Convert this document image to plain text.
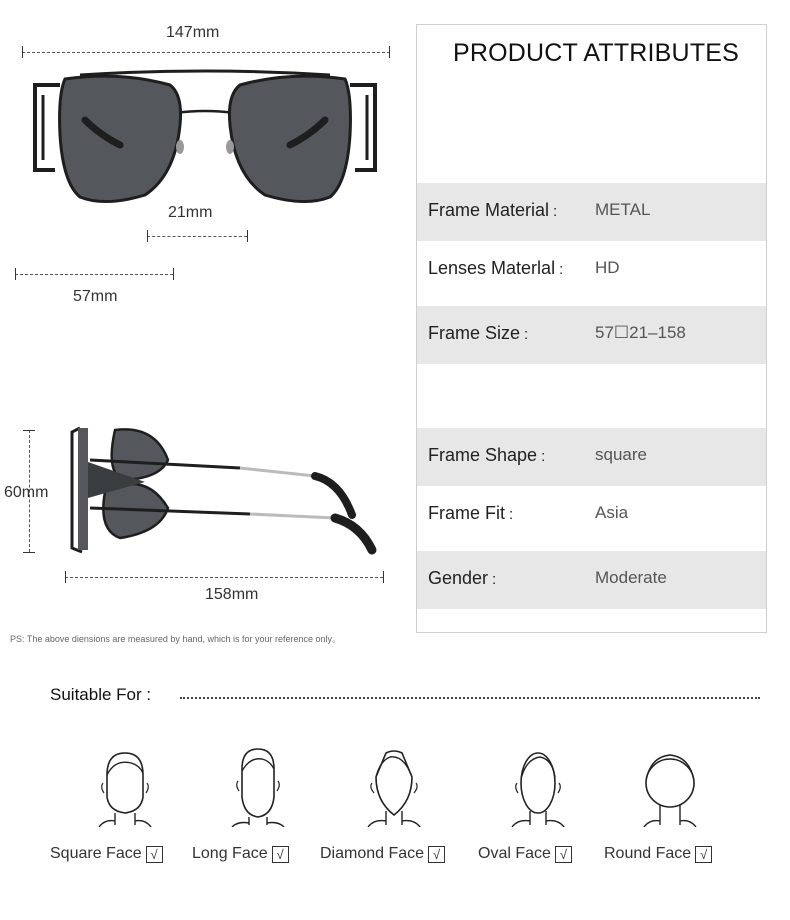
147mm
21mm
57mm
60mm
158mm
PS: The above diensions are measured by hand, which is for your reference only。
PRODUCT ATTRIBUTES
Frame Material : METAL
Lenses Materlal : HD
Frame Size :	57☐21–158
Frame Shape :	square
Frame Fit :	Asia
Gender :	Moderate
Suitable For :
Square Face √	Long Face √	Diamond Face √	Oval Face √	Round Face √
